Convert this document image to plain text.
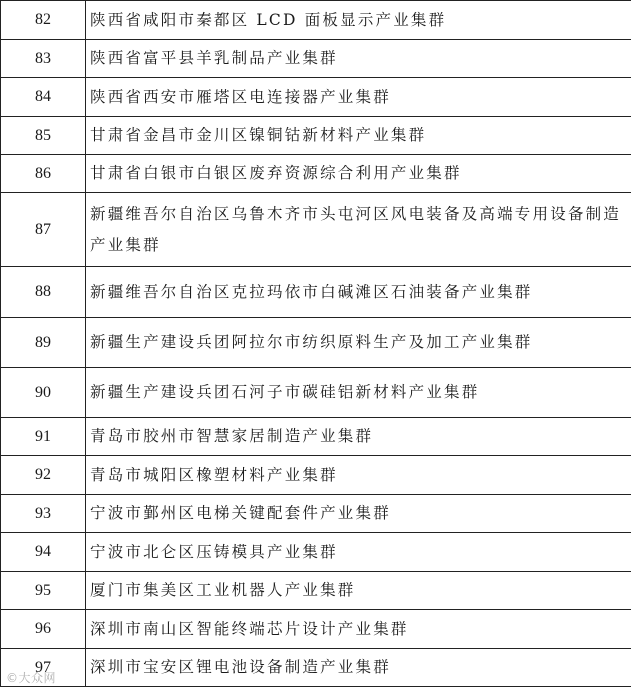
82	陕西省咸阳市秦都区 LCD 面板显示产业集群
83	陕西省富平县羊乳制品产业集群
84	陕西省西安市雁塔区电连接器产业集群
85	甘肃省金昌市金川区镍铜钴新材料产业集群
86	甘肃省白银市白银区废弃资源综合利用产业集群
87	新疆维吾尔自治区乌鲁木齐市头屯河区风电装备及高端专用设备制造产业集群
88	新疆维吾尔自治区克拉玛依市白碱滩区石油装备产业集群
89	新疆生产建设兵团阿拉尔市纺织原料生产及加工产业集群
90	新疆生产建设兵团石河子市碳硅铝新材料产业集群
91	青岛市胶州市智慧家居制造产业集群
92	青岛市城阳区橡塑材料产业集群
93	宁波市鄞州区电梯关键配套件产业集群
94	宁波市北仑区压铸模具产业集群
95	厦门市集美区工业机器人产业集群
96	深圳市南山区智能终端芯片设计产业集群
97	深圳市宝安区锂电池设备制造产业集群
©大众网
